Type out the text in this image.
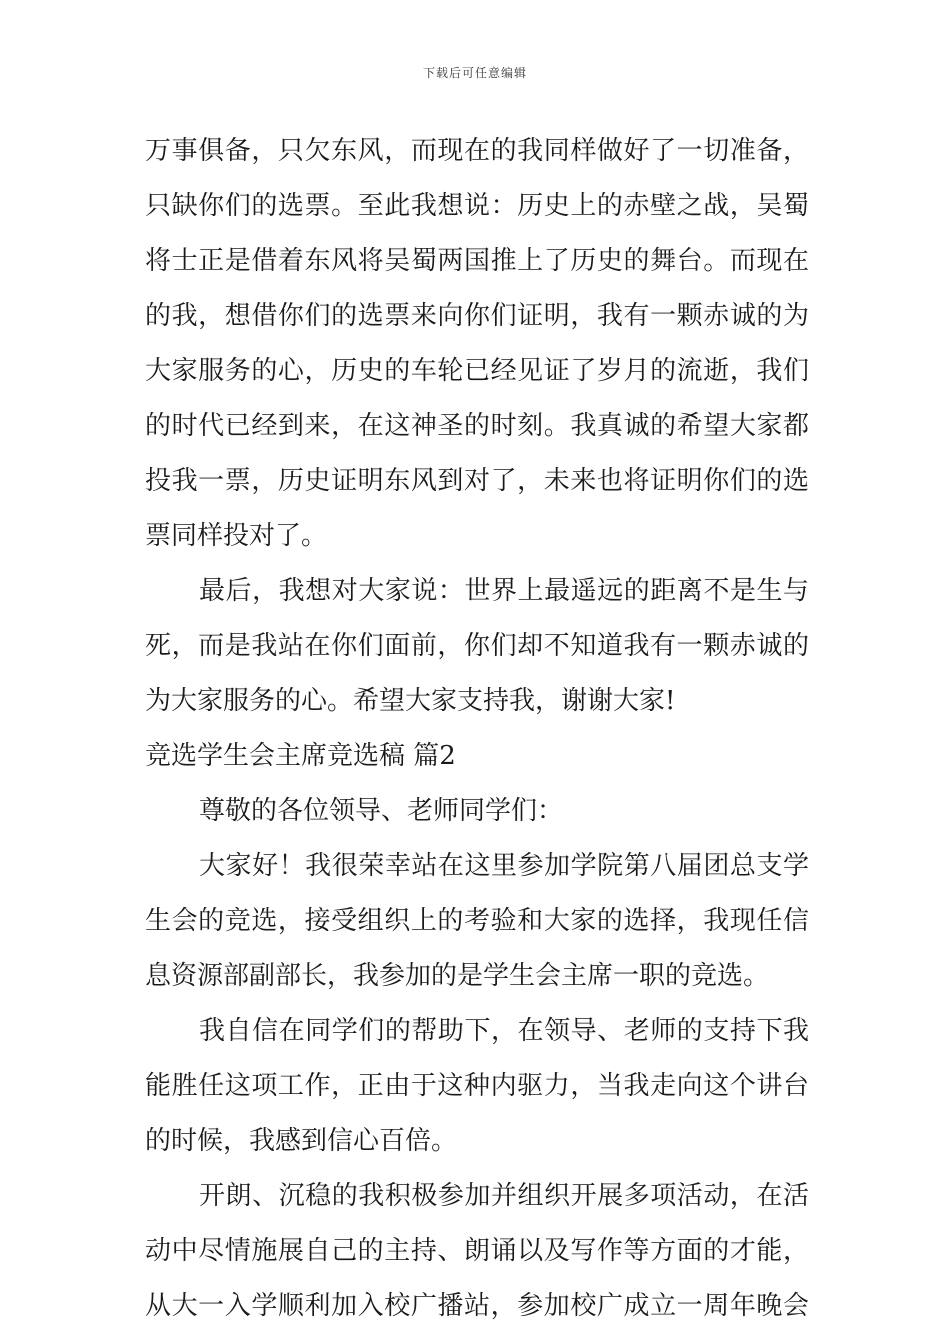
下载后可任意编辑
万事俱备，只欠东风，而现在的我同样做好了一切准备，
只缺你们的选票。至此我想说：历史上的赤壁之战，吴蜀
将士正是借着东风将吴蜀两国推上了历史的舞台。而现在
的我，想借你们的选票来向你们证明，我有一颗赤诚的为
大家服务的心，历史的车轮已经见证了岁月的流逝，我们
的时代已经到来，在这神圣的时刻。我真诚的希望大家都
投我一票，历史证明东风到对了，未来也将证明你们的选
票同样投对了。
最后，我想对大家说：世界上最遥远的距离不是生与
死，而是我站在你们面前，你们却不知道我有一颗赤诚的
为大家服务的心。希望大家支持我，谢谢大家!
竞选学生会主席竞选稿 篇2
尊敬的各位领导、老师同学们：
大家好！我很荣幸站在这里参加学院第八届团总支学
生会的竞选，接受组织上的考验和大家的选择，我现任信
息资源部副部长，我参加的是学生会主席一职的竞选。
我自信在同学们的帮助下，在领导、老师的支持下我
能胜任这项工作，正由于这种内驱力，当我走向这个讲台
的时候，我感到信心百倍。
开朗、沉稳的我积极参加并组织开展多项活动，在活
动中尽情施展自己的主持、朗诵以及写作等方面的才能，
从大一入学顺利加入校广播站，参加校广成立一周年晚会
